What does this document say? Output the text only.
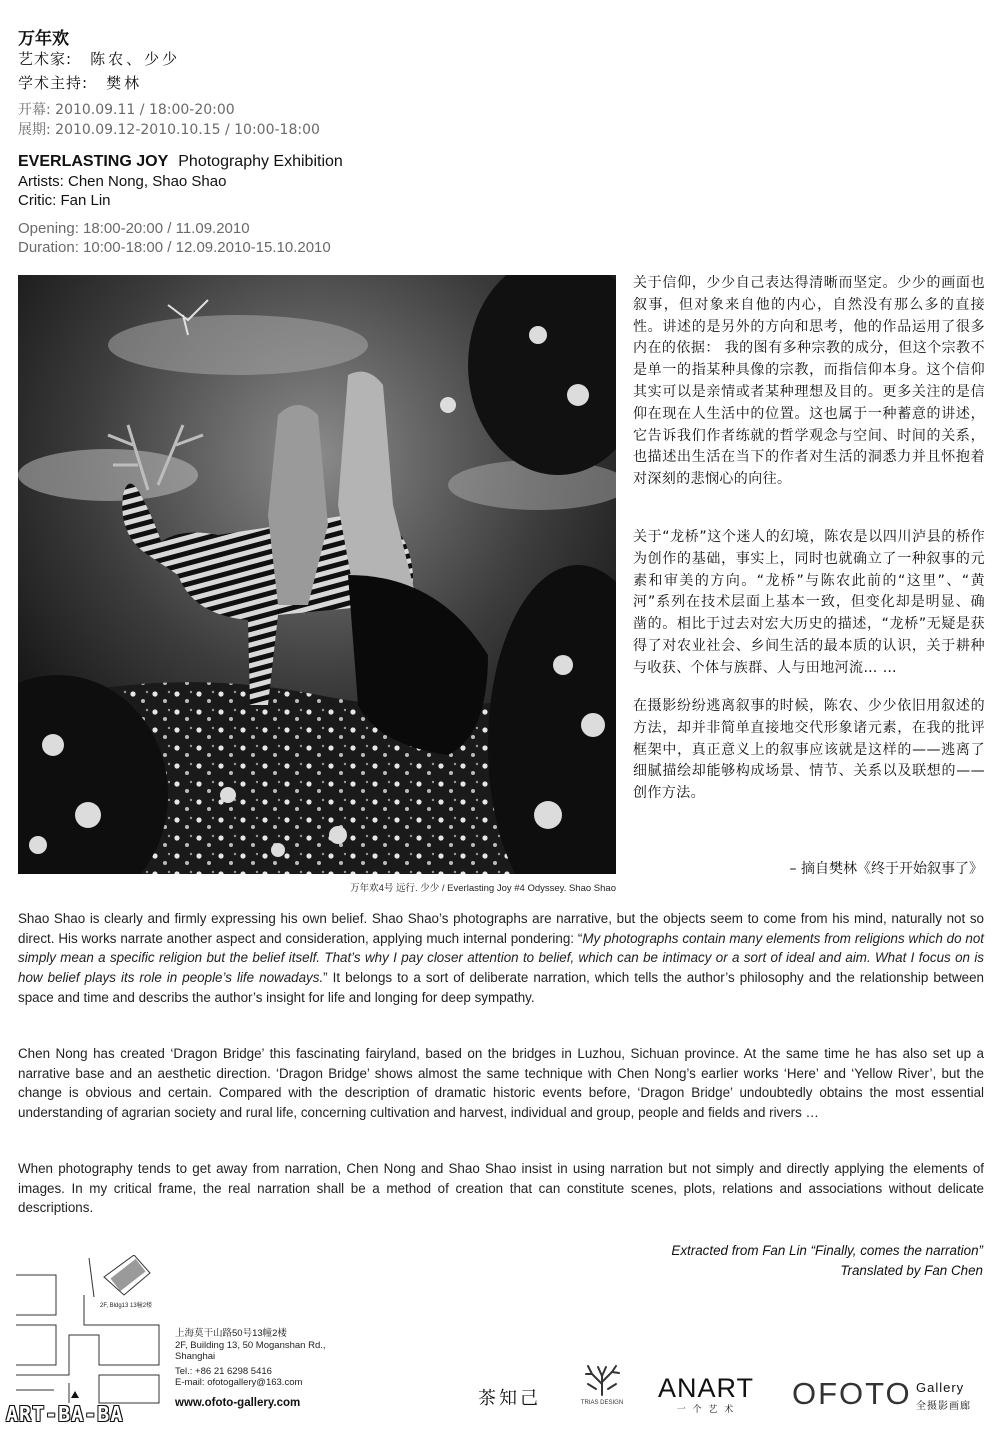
万年欢
艺术家: 陈农、少少
学术主持: 樊林
开幕: 2010.09.11 / 18:00-20:00
展期: 2010.09.12-2010.10.15 / 10:00-18:00
EVERLASTING JOY Photography Exhibition
Artists: Chen Nong, Shao Shao
Critic: Fan Lin
Opening: 18:00-20:00 / 11.09.2010
Duration: 10:00-18:00 / 12.09.2010-15.10.2010
万年欢4号 远行. 少少 / Everlasting Joy #4 Odyssey. Shao Shao
关于信仰，少少自己表达得清晰而坚定。少少的画面也叙事，但对象来自他的内心，自然没有那么多的直接性。讲述的是另外的方向和思考，他的作品运用了很多内在的依据： 我的图有多种宗教的成分，但这个宗教不是单一的指某种具像的宗教，而指信仰本身。这个信仰其实可以是亲情或者某种理想及目的。更多关注的是信仰在现在人生活中的位置。这也属于一种蓄意的讲述，它告诉我们作者练就的哲学观念与空间、时间的关系，也描述出生活在当下的作者对生活的洞悉力并且怀抱着对深刻的悲悯心的向往。
关于“龙桥”这个迷人的幻境，陈农是以四川泸县的桥作为创作的基础，事实上，同时也就确立了一种叙事的元素和审美的方向。“龙桥”与陈农此前的“这里”、“黄河”系列在技术层面上基本一致，但变化却是明显、确凿的。相比于过去对宏大历史的描述，“龙桥”无疑是获得了对农业社会、乡间生活的最本质的认识，关于耕种与收获、个体与族群、人与田地河流… …
在摄影纷纷逃离叙事的时候，陈农、少少依旧用叙述的方法，却并非简单直接地交代形象诸元素，在我的批评框架中，真正意义上的叙事应该就是这样的——逃离了细腻描绘却能够构成场景、情节、关系以及联想的——创作方法。
– 摘自樊林《终于开始叙事了》
Shao Shao is clearly and firmly expressing his own belief. Shao Shao’s photographs are narrative, but the objects seem to come from his mind, naturally not so direct. His works narrate another aspect and consideration, applying much internal pondering: “My photographs contain many elements from religions which do not simply mean a specific religion but the belief itself. That’s why I pay closer attention to belief, which can be intimacy or a sort of ideal and aim. What I focus on is how belief plays its role in people’s life nowadays.” It belongs to a sort of deliberate narration, which tells the author’s philosophy and the relationship between space and time and describs the author’s insight for life and longing for deep sympathy.
Chen Nong has created ‘Dragon Bridge’ this fascinating fairyland, based on the bridges in Luzhou, Sichuan province. At the same time he has also set up a narrative base and an aesthetic direction. ‘Dragon Bridge’ shows almost the same technique with Chen Nong’s earlier works ‘Here’ and ‘Yellow River’, but the change is obvious and certain. Compared with the description of dramatic historic events before, ‘Dragon Bridge’ undoubtedly obtains the most essential understanding of agrarian society and rural life, concerning cultivation and harvest, individual and group, people and fields and rivers …
When photography tends to get away from narration, Chen Nong and Shao Shao insist in using narration but not simply and directly applying the elements of images. In my critical frame, the real narration shall be a method of creation that can constitute scenes, plots, relations and associations without delicate descriptions.
Extracted from Fan Lin “Finally, comes the narration”
Translated by Fan Chen
2F, Bldg13 13幢2楼
上海莫干山路50号13幢2楼
2F, Building 13, 50 Moganshan Rd.,
Shanghai
Tel.: +86 21 6298 5416
E-mail: ofotogallery@163.com
www.ofoto-gallery.com
ART-BA-BA
茶知己	TRIAS DESIGN ANART
一 个 艺 术	OFOTO Gallery
全摄影画廊
